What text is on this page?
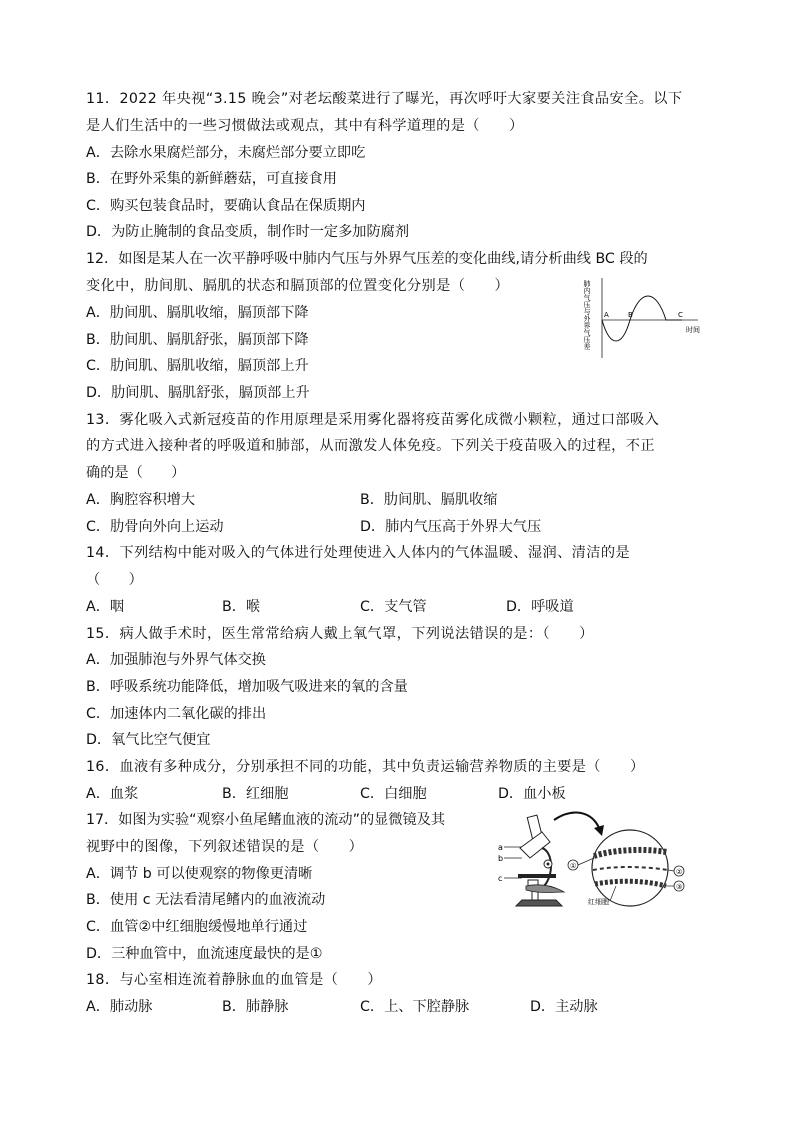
11．2022 年央视“3.15 晚会”对老坛酸菜进行了曝光，再次呼吁大家要关注食品安全。以下
是人们生活中的一些习惯做法或观点，其中有科学道理的是（　　）
A．去除水果腐烂部分，未腐烂部分要立即吃
B．在野外采集的新鲜蘑菇，可直接食用
C．购买包装食品时，要确认食品在保质期内
D．为防止腌制的食品变质，制作时一定多加防腐剂
12．如图是某人在一次平静呼吸中肺内气压与外界气压差的变化曲线,请分析曲线 BC 段的
变化中，肋间肌、膈肌的状态和膈顶部的位置变化分别是（　　）
A．肋间肌、膈肌收缩，膈顶部下降
B．肋间肌、膈肌舒张，膈顶部下降
C．肋间肌、膈肌收缩，膈顶部上升
D．肋间肌、膈肌舒张，膈顶部上升
肺内气压与外界气压差 A	B	C
时间
13．雾化吸入式新冠疫苗的作用原理是采用雾化器将疫苗雾化成微小颗粒，通过口部吸入
的方式进入接种者的呼吸道和肺部，从而激发人体免疫。下列关于疫苗吸入的过程，不正
确的是（　　）
A．胸腔容积增大	B．肋间肌、膈肌收缩
C．肋骨向外向上运动	D．肺内气压高于外界大气压
14．下列结构中能对吸入的气体进行处理使进入人体内的气体温暖、湿润、清洁的是
（　　）
A．咽	B．喉	C．支气管	D．呼吸道
15．病人做手术时，医生常常给病人戴上氧气罩，下列说法错误的是：（　　）
A．加强肺泡与外界气体交换
B．呼吸系统功能降低，增加吸气吸进来的氧的含量
C．加速体内二氧化碳的排出
D．氧气比空气便宜
16．血液有多种成分，分别承担不同的功能，其中负责运输营养物质的主要是（　　）
A．血浆	B．红细胞	C．白细胞	D．血小板
17．如图为实验“观察小鱼尾鳍血液的流动”的显微镜及其
视野中的图像，下列叙述错误的是（　　）
A．调节 b 可以使观察的物像更清晰
B．使用 c 无法看清尾鳍内的血液流动
C．血管②中红细胞缓慢地单行通过
D．三种血管中，血流速度最快的是①
a
b
c
①
②
③
红细胞
18．与心室相连流着静脉血的血管是（　　）
A．肺动脉	B．肺静脉	C．上、下腔静脉	D．主动脉
